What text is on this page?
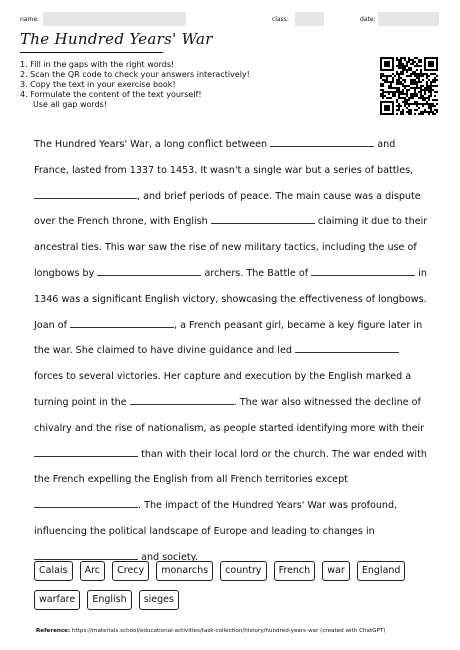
name:	class:	date:
The Hundred Years' War
1. Fill in the gaps with the right words!
2. Scan the QR code to check your answers interactively!
3. Copy the text in your exercise book!
4. Formulate the content of the text yourself!
Use all gap words!
The Hundred Years' War, a long conflict between	and France, lasted from 1337 to 1453. It wasn't a single war but a series of battles, , and brief periods of peace. The main cause was a dispute over the French throne, with English	claiming it due to their ancestral ties. This war saw the rise of new military tactics, including the use of longbows by	archers. The Battle of	in 1346 was a significant English victory, showcasing the effectiveness of longbows. Joan of	, a French peasant girl, became a key figure later in the war. She claimed to have divine guidance and led  forces to several victories. Her capture and execution by the English marked a turning point in the	. The war also witnessed the decline of chivalry and the rise of nationalism, as people started identifying more with their  than with their local lord or the church. The war ended with the French expelling the English from all French territories except . The impact of the Hundred Years' War was profound, influencing the political landscape of Europe and leading to changes in  and society.
Calais Arc Crecy monarchs country French war England warfare English sieges
Reference: https://materials.school/educational-activities/task-collection/history/hundred-years-war (created with ChatGPT)
